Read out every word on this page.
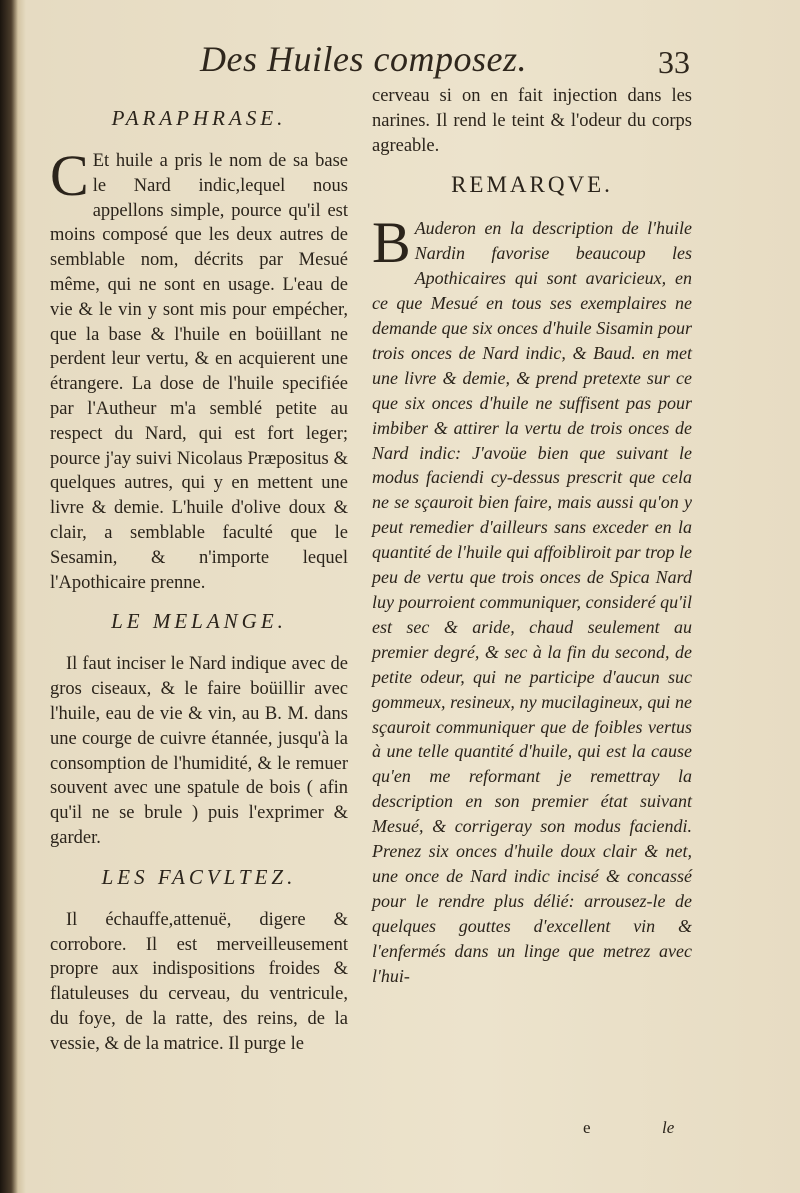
Des Huiles composez.	33
PARAPHRASE.

C Et huile a pris le nom de sa base le Nard indic,lequel nous appellons simple, pource qu'il est moins composé que les deux autres de semblable nom, décrits par Mesué même, qui ne sont en usage. L'eau de vie & le vin y sont mis pour empécher, que la base & l'huile en boüillant ne perdent leur vertu, & en acquierent une étrangere. La dose de l'huile specifiée par l'Autheur m'a semblé petite au respect du Nard, qui est fort leger; pource j'ay suivi Nicolaus Præpositus & quelques autres, qui y en mettent une livre & demie. L'huile d'olive doux & clair, a semblable faculté que le Sesamin, & n'importe lequel l'Apothicaire prenne.

LE MELANGE.

Il faut inciser le Nard indique avec de gros ciseaux, & le faire boüillir avec l'huile, eau de vie & vin, au B. M. dans une courge de cuivre étannée, jusqu'à la consomption de l'humidité, & le remuer souvent avec une spatule de bois ( afin qu'il ne se brule ) puis l'exprimer & garder.

LES FACVLTEZ.

Il échauffe,attenuë, digere & corrobore. Il est merveilleusement propre aux indispositions froides & flatuleuses du cerveau, du ventricule, du foye, de la ratte, des reins, de la vessie, & de la matrice. Il purge le

cerveau si on en fait injection dans les narines. Il rend le teint & l'odeur du corps agreable.

REMARQVE.

B Auderon en la description de l'huile Nardin favorise beaucoup les Apothicaires qui sont avaricieux, en ce que Mesué en tous ses exemplaires ne demande que six onces d'huile Sisamin pour trois onces de Nard indic, & Baud. en met une livre & demie, & prend pretexte sur ce que six onces d'huile ne suffisent pas pour imbiber & attirer la vertu de trois onces de Nard indic: J'avoüe bien que suivant le modus faciendi cy-dessus prescrit que cela ne se sçauroit bien faire, mais aussi qu'on y peut remedier d'ailleurs sans exceder en la quantité de l'huile qui affoibliroit par trop le peu de vertu que trois onces de Spica Nard luy pourroient communiquer, consideré qu'il est sec & aride, chaud seulement au premier degré, & sec à la fin du second, de petite odeur, qui ne participe d'aucun suc gommeux, resineux, ny mucilagineux, qui ne sçauroit communiquer que de foibles vertus à une telle quantité d'huile, qui est la cause qu'en me reformant je remettray la description en son premier état suivant Mesué, & corrigeray son modus faciendi. Prenez six onces d'huile doux clair & net, une once de Nard indic incisé & concassé pour le rendre plus délié: arrousez-le de quelques gouttes d'excellent vin & l'enfermés dans un linge que metrez avec l'hui-

e	le
